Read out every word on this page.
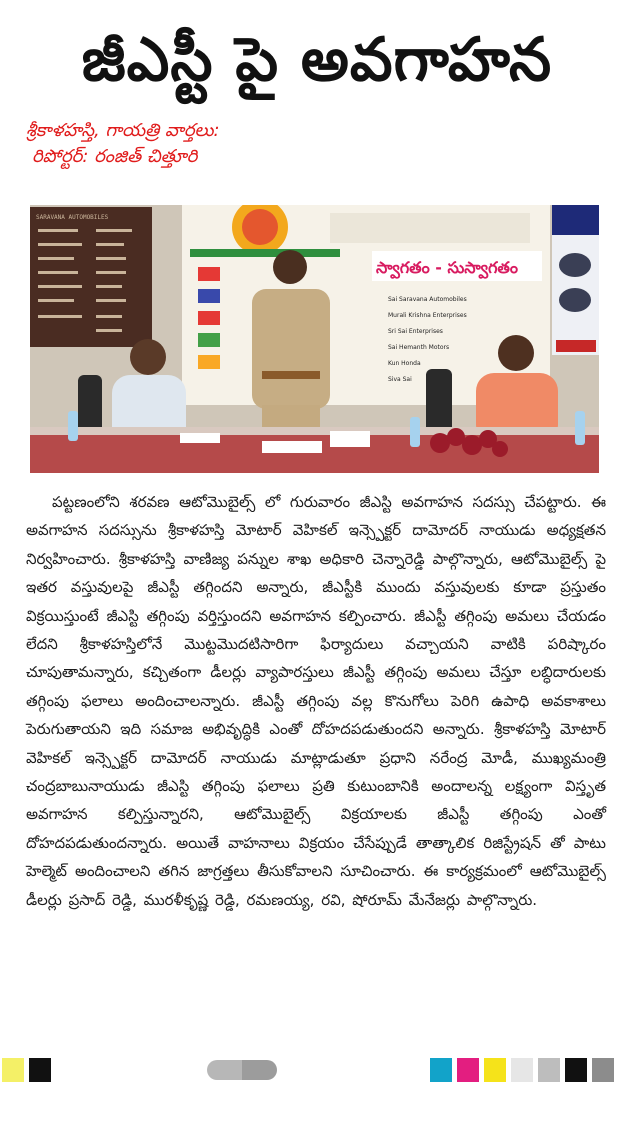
జీఎస్టీ పై అవగాహన
శ్రీకాళహస్తి, గాయత్రి వార్తలు:
రిపోర్టర్: రంజిత్ చిత్తూరి
SARAVANA AUTOMOBILES
స్వాగతం - సుస్వాగతం
Sai Saravana Automobiles
Murali Krishna Enterprises
Sri Sai Enterprises
Sai Hemanth Motors
Kun Honda
Siva Sai

పట్టణంలోని శరవణ ఆటోమొబైల్స్ లో గురువారం జీఎస్టి అవగాహన సదస్సు చేపట్టారు. ఈ అవగాహన సదస్సును శ్రీకాళహస్తి మోటార్ వెహికల్ ఇన్స్పెక్టర్ దామోదర్ నాయుడు అధ్యక్షతన నిర్వహించారు. శ్రీకాళహస్తి వాణిజ్య పన్నుల శాఖ అధికారి చెన్నారెడ్డి పాల్గొన్నారు, ఆటోమొబైల్స్ పై ఇతర వస్తువులపై జీఎస్టీ తగ్గిందని అన్నారు, జీఎస్టీకి ముందు వస్తువులకు కూడా ప్రస్తుతం విక్రయిస్తుంటే జీఎస్టి తగ్గింపు వర్తిస్తుందని అవగాహన కల్పించారు. జీఎస్టీ తగ్గింపు అమలు చేయడం లేదని శ్రీకాళహస్తిలోనే మొట్టమొదటిసారిగా ఫిర్యాదులు వచ్చాయని వాటికి పరిష్కారం చూపుతామన్నారు, కచ్చితంగా డీలర్లు వ్యాపారస్తులు జీఎస్టీ తగ్గింపు అమలు చేస్తూ లబ్ధిదారులకు తగ్గింపు ఫలాలు అందించాలన్నారు. జీఎస్టీ తగ్గింపు వల్ల కొనుగోలు పెరిగి ఉపాధి అవకాశాలు పెరుగుతాయని ఇది సమాజ అభివృద్ధికి ఎంతో దోహదపడుతుందని అన్నారు. శ్రీకాళహస్తి మోటార్ వెహికల్ ఇన్స్పెక్టర్ దామోదర్ నాయుడు మాట్లాడుతూ ప్రధాని నరేంద్ర మోడీ, ముఖ్యమంత్రి చంద్రబాబునాయుడు జీఎస్టి తగ్గింపు ఫలాలు ప్రతి కుటుంబానికి అందాలన్న లక్ష్యంగా విస్తృత అవగాహన కల్పిస్తున్నారని, ఆటోమొబైల్స్ విక్రయాలకు జీఎస్టీ తగ్గింపు ఎంతో దోహదపడుతుందన్నారు. అయితే వాహనాలు విక్రయం చేసేప్పుడే తాత్కాలిక రిజిస్ట్రేషన్ తో పాటు హెల్మెట్ అందించాలని తగిన జాగ్రత్తలు తీసుకోవాలని సూచించారు. ఈ కార్యక్రమంలో ఆటోమొబైల్స్ డీలర్లు ప్రసాద్ రెడ్డి, మురళీకృష్ణ రెడ్డి, రమణయ్య, రవి, షోరూమ్ మేనేజర్లు పాల్గొన్నారు.
